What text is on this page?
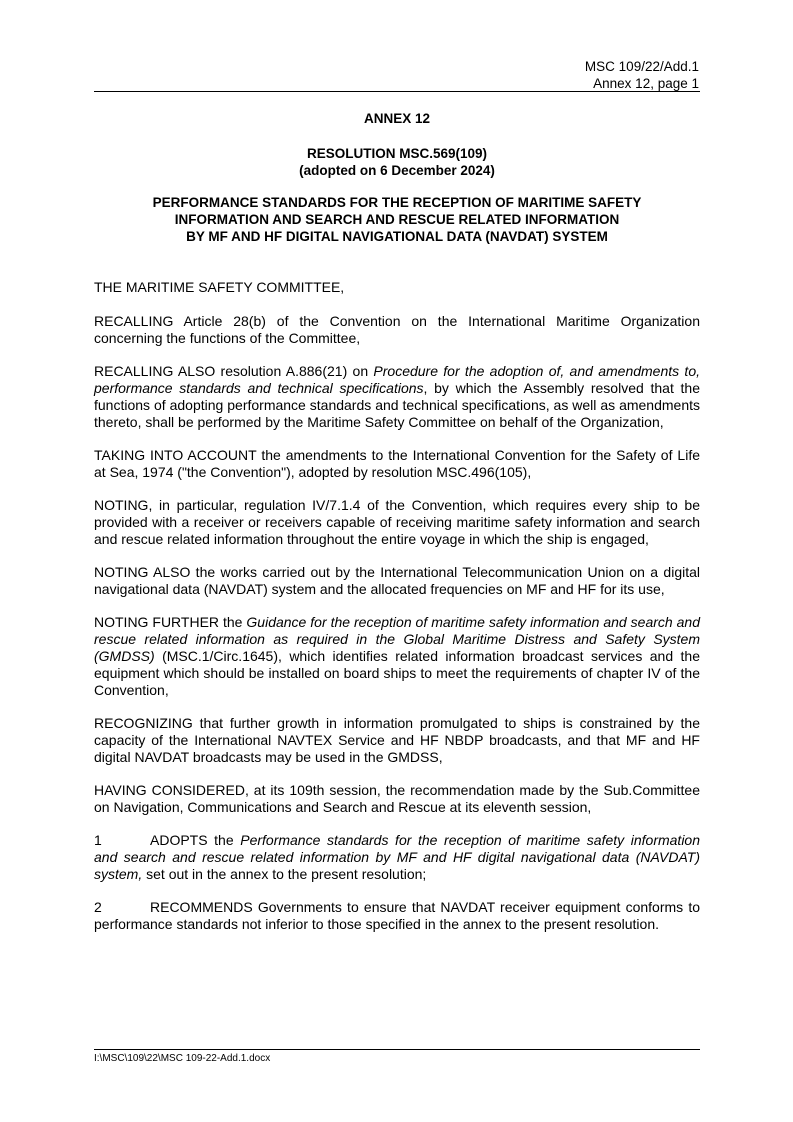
MSC 109/22/Add.1
Annex 12, page 1
ANNEX 12
RESOLUTION MSC.569(109)
(adopted on 6 December 2024)
PERFORMANCE STANDARDS FOR THE RECEPTION OF MARITIME SAFETY
INFORMATION AND SEARCH AND RESCUE RELATED INFORMATION
BY MF AND HF DIGITAL NAVIGATIONAL DATA (NAVDAT) SYSTEM

THE MARITIME SAFETY COMMITTEE,

RECALLING Article 28(b) of the Convention on the International Maritime Organization concerning the functions of the Committee,

RECALLING ALSO resolution A.886(21) on Procedure for the adoption of, and amendments to, performance standards and technical specifications, by which the Assembly resolved that the functions of adopting performance standards and technical specifications, as well as amendments thereto, shall be performed by the Maritime Safety Committee on behalf of the Organization,

TAKING INTO ACCOUNT the amendments to the International Convention for the Safety of Life at Sea, 1974 ("the Convention"), adopted by resolution MSC.496(105),

NOTING, in particular, regulation IV/7.1.4 of the Convention, which requires every ship to be provided with a receiver or receivers capable of receiving maritime safety information and search and rescue related information throughout the entire voyage in which the ship is engaged,

NOTING ALSO the works carried out by the International Telecommunication Union on a digital navigational data (NAVDAT) system and the allocated frequencies on MF and HF for its use,

NOTING FURTHER the Guidance for the reception of maritime safety information and search and rescue related information as required in the Global Maritime Distress and Safety System (GMDSS) (MSC.1/Circ.1645), which identifies related information broadcast services and the equipment which should be installed on board ships to meet the requirements of chapter IV of the Convention,

RECOGNIZING that further growth in information promulgated to ships is constrained by the capacity of the International NAVTEX Service and HF NBDP broadcasts, and that MF and HF digital NAVDAT broadcasts may be used in the GMDSS,

HAVING CONSIDERED, at its 109th session, the recommendation made by the Sub.Committee on Navigation, Communications and Search and Rescue at its eleventh session,

1	ADOPTS the Performance standards for the reception of maritime safety information and search and rescue related information by MF and HF digital navigational data (NAVDAT) system, set out in the annex to the present resolution;

2	RECOMMENDS Governments to ensure that NAVDAT receiver equipment conforms to performance standards not inferior to those specified in the annex to the present resolution.

I:\MSC\109\22\MSC 109-22-Add.1.docx
